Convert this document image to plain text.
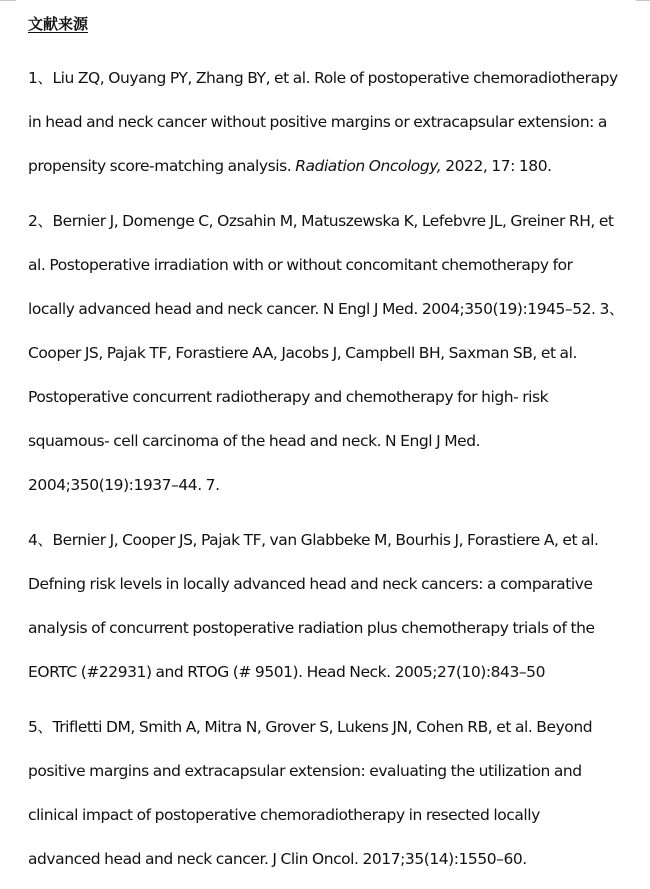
文献来源

1、Liu ZQ, Ouyang PY, Zhang BY, et al. Role of postoperative chemoradiotherapy
in head and neck cancer without positive margins or extracapsular extension: a
propensity score-matching analysis. Radiation Oncology, 2022, 17: 180.

2、Bernier J, Domenge C, Ozsahin M, Matuszewska K, Lefebvre JL, Greiner RH, et
al. Postoperative irradiation with or without concomitant chemotherapy for
locally advanced head and neck cancer. N Engl J Med. 2004;350(19):1945–52. 3、
Cooper JS, Pajak TF, Forastiere AA, Jacobs J, Campbell BH, Saxman SB, et al.
Postoperative concurrent radiotherapy and chemotherapy for high- risk
squamous- cell carcinoma of the head and neck. N Engl J Med.
2004;350(19):1937–44. 7.

4、Bernier J, Cooper JS, Pajak TF, van Glabbeke M, Bourhis J, Forastiere A, et al.
Defning risk levels in locally advanced head and neck cancers: a comparative
analysis of concurrent postoperative radiation plus chemotherapy trials of the
EORTC (#22931) and RTOG (# 9501). Head Neck. 2005;27(10):843–50

5、Trifletti DM, Smith A, Mitra N, Grover S, Lukens JN, Cohen RB, et al. Beyond
positive margins and extracapsular extension: evaluating the utilization and
clinical impact of postoperative chemoradiotherapy in resected locally
advanced head and neck cancer. J Clin Oncol. 2017;35(14):1550–60.
